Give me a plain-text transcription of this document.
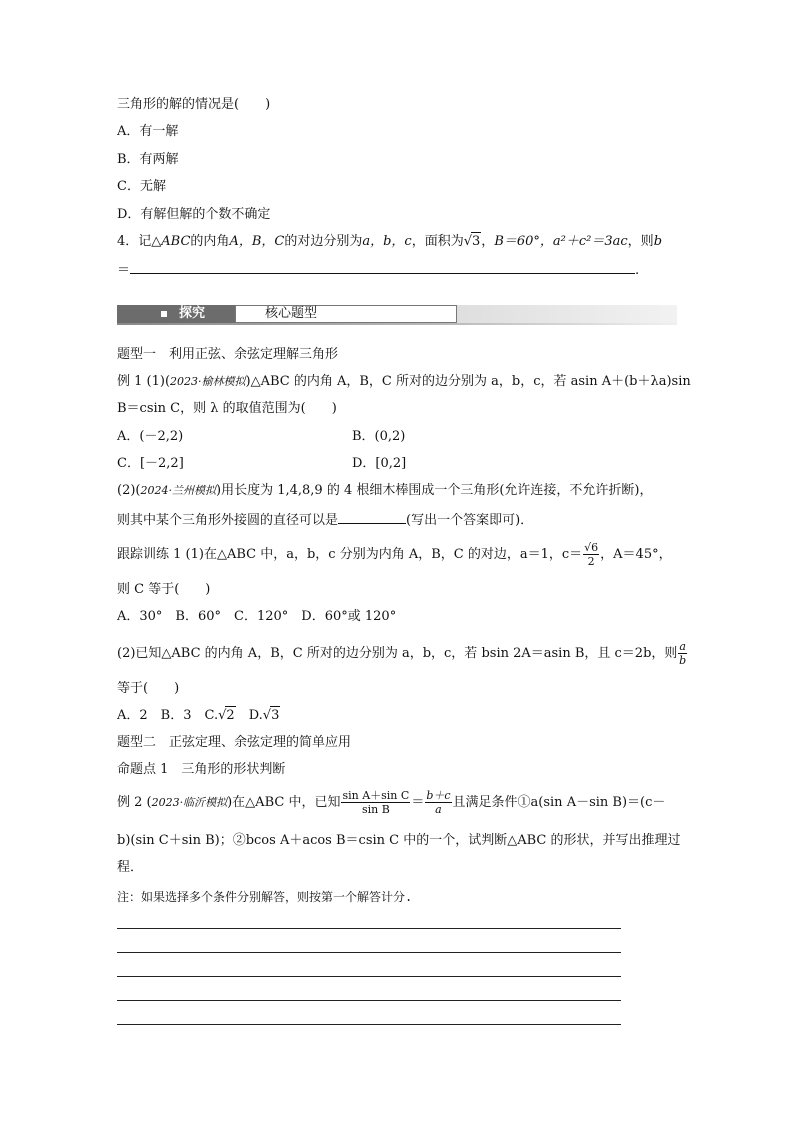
三角形的解的情况是(　　)
A．有一解
B．有两解
C．无解
D．有解但解的个数不确定
4．记△ABC的内角A，B，C的对边分别为a，b，c，面积为√3，B＝60°，a²＋c²＝3ac，则b
＝	.
探究	核心题型
题型一　利用正弦、余弦定理解三角形
例 1 (1)(2023·榆林模拟)△ABC 的内角 A，B，C 所对的边分别为 a，b，c，若 asin A＋(b＋λa)sin
B＝csin C，则 λ 的取值范围为(　　)
A．(－2,2)	B．(0,2)
C．[－2,2]	D．[0,2]
(2)(2024·兰州模拟)用长度为 1,4,8,9 的 4 根细木棒围成一个三角形(允许连接，不允许折断)，
则其中某个三角形外接圆的直径可以是	(写出一个答案即可)．
跟踪训练 1 (1)在△ABC 中，a，b，c 分别为内角 A，B，C 的对边，a＝1，$c= \frac{√6}{2}$ ，A＝45°，
则 C 等于(　　)
A．30°　B．60°　C．120°　D．60°或 120°
(2)已知△ABC 的内角 A，B，C 所对的边分别为 a，b，c，若 bsin 2A＝asin B，且 c＝2b，则 $\frac{a}{b}$
等于(　　)
A．2　B．3　C.√2　D.√3
题型二　正弦定理、余弦定理的简单应用
命题点 1　三角形的形状判断
例 2 (2023·临沂模拟)在△ABC 中，已知 $\frac{\text{sin A＋sin C}}{\text{sin B}} = \frac{b+c}{a}$ 且满足条件①a(sin A－sin B)＝(c－
b)(sin C＋sin B)；②bcos A＋acos B＝csin C 中的一个，试判断△ABC 的形状，并写出推理过
程．
注：如果选择多个条件分别解答，则按第一个解答计分.
